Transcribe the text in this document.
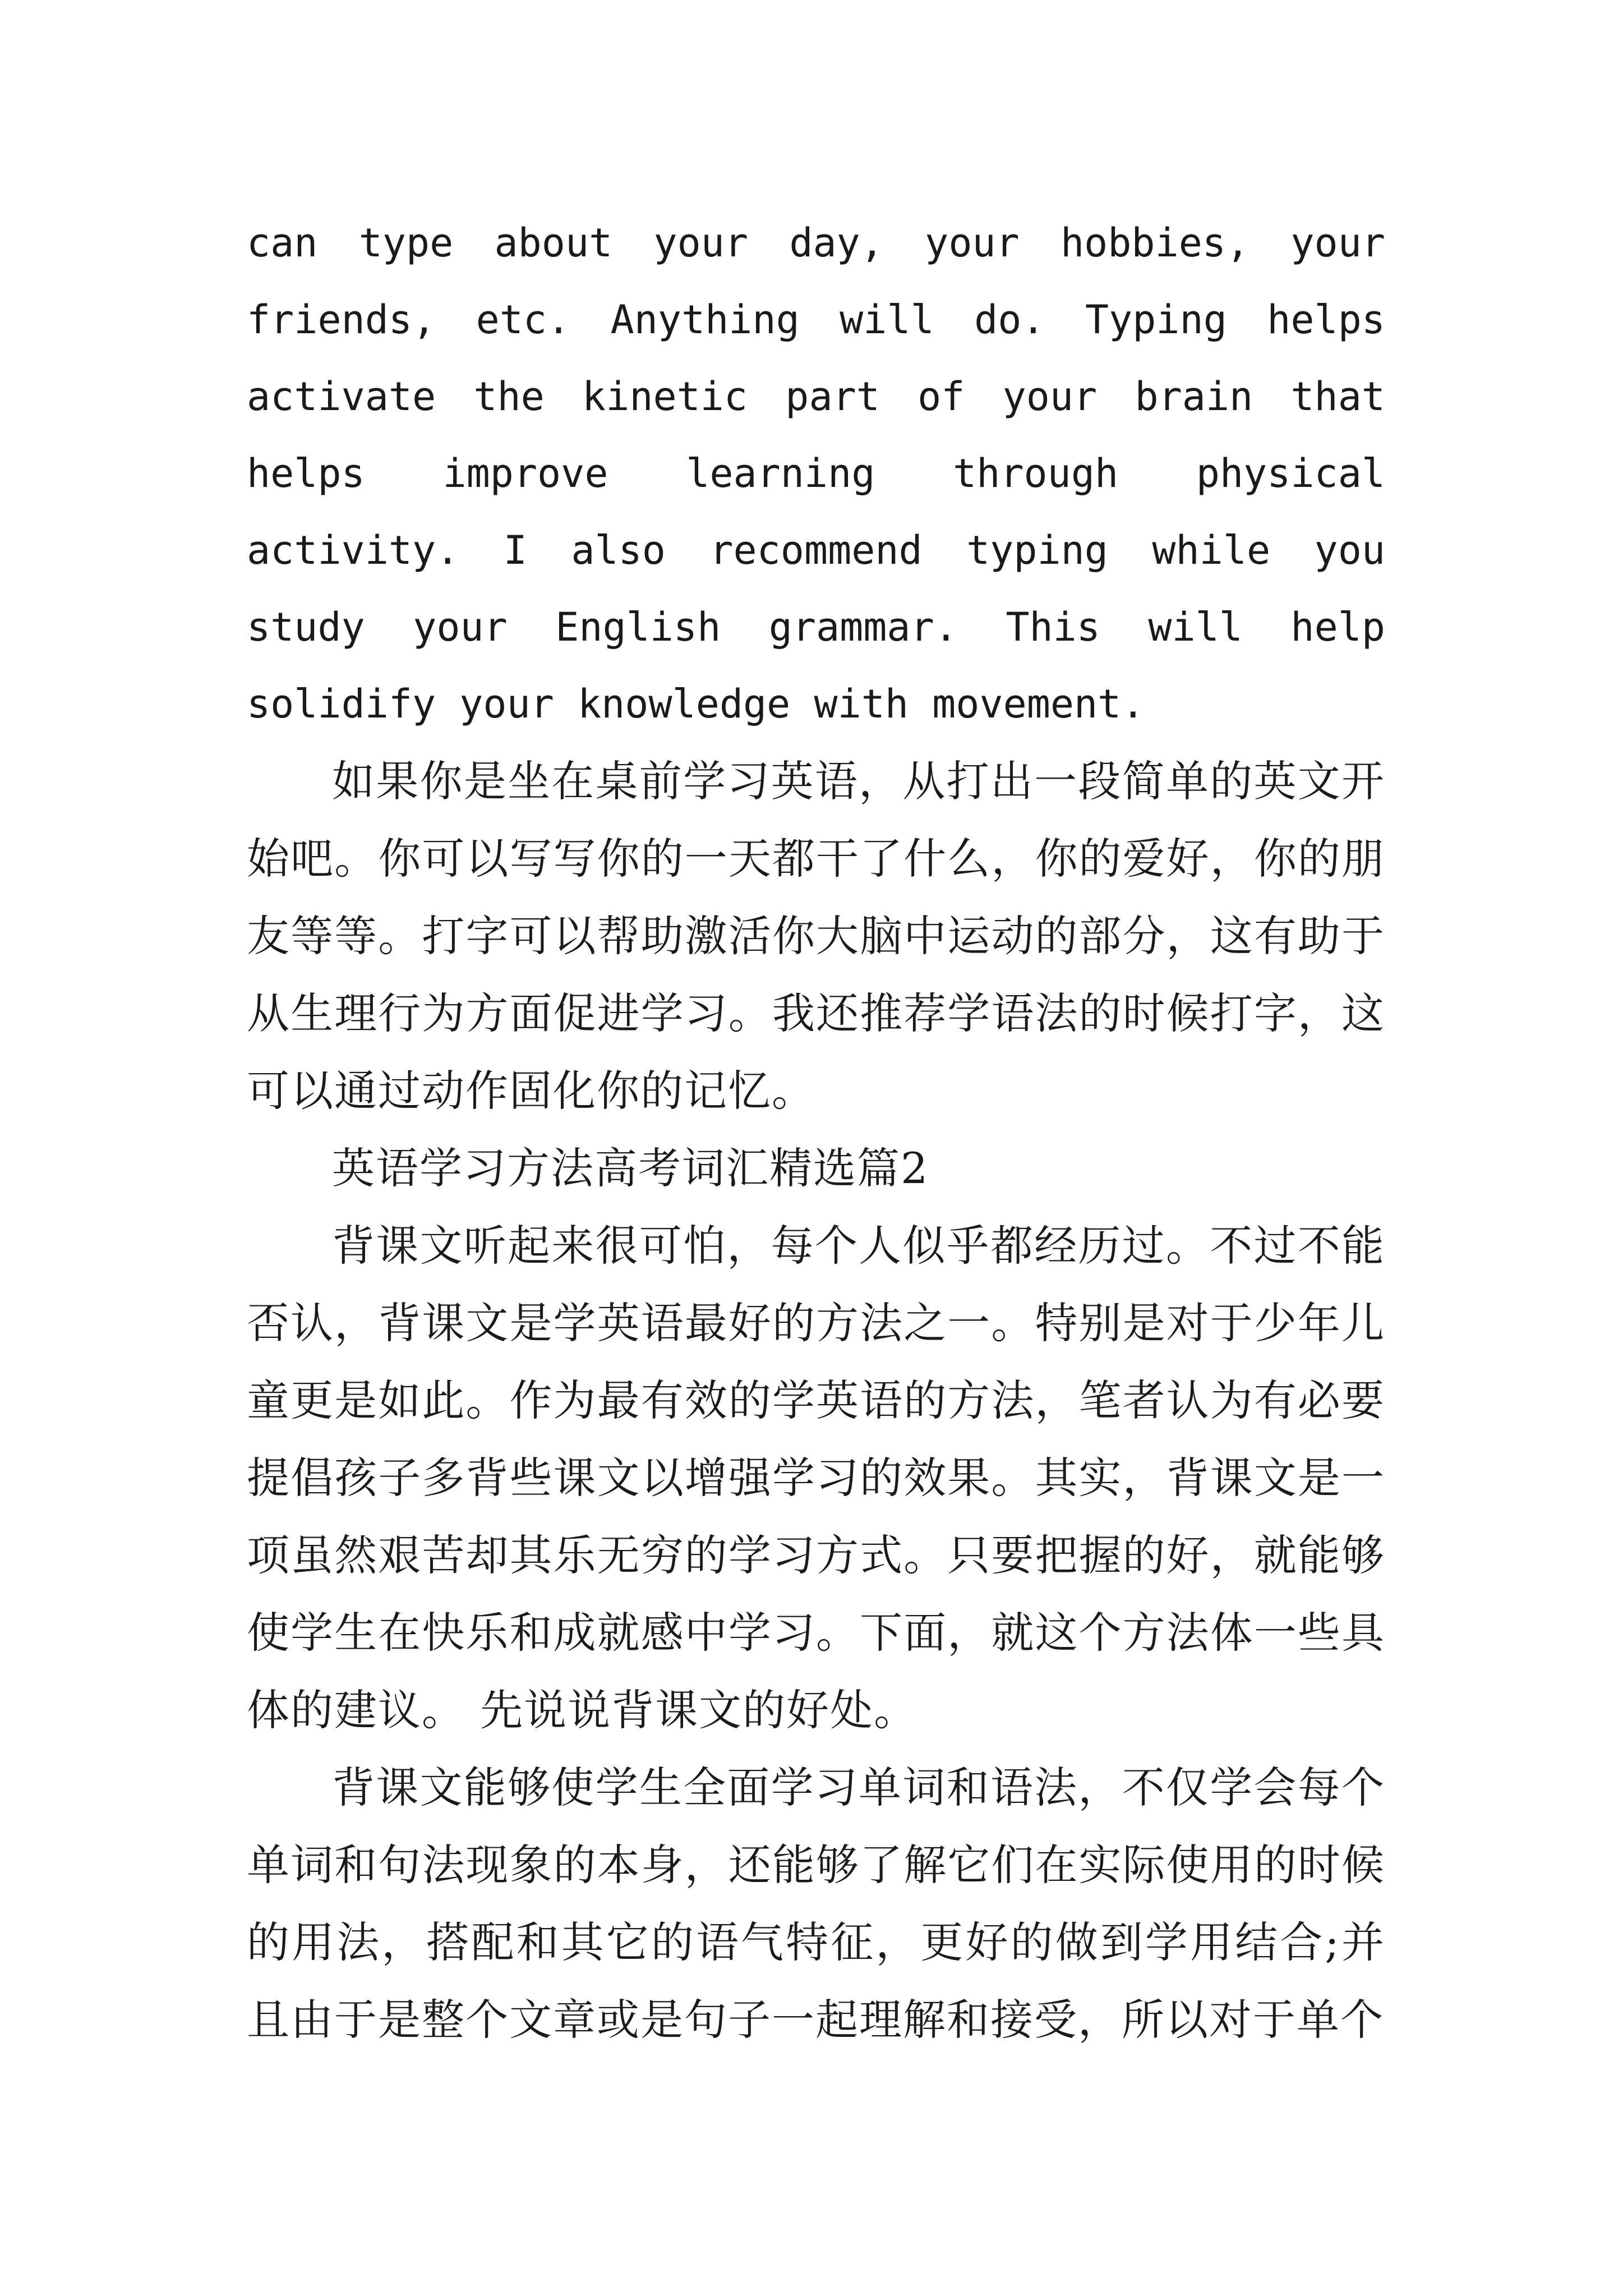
can type about your day, your hobbies, your friends, etc. Anything will do. Typing helps activate the kinetic part of your brain that helps improve learning through physical activity. I also recommend typing while you study your English grammar. This will help solidify your knowledge with movement.

如果你是坐在桌前学习英语，从打出一段简单的英文开始吧。你可以写写你的一天都干了什么，你的爱好，你的朋友等等。打字可以帮助激活你大脑中运动的部分，这有助于从生理行为方面促进学习。我还推荐学语法的时候打字，这可以通过动作固化你的记忆。

英语学习方法高考词汇精选篇2

背课文听起来很可怕，每个人似乎都经历过。不过不能否认，背课文是学英语最好的方法之一。特别是对于少年儿童更是如此。作为最有效的学英语的方法，笔者认为有必要提倡孩子多背些课文以增强学习的效果。其实，背课文是一项虽然艰苦却其乐无穷的学习方式。只要把握的好，就能够使学生在快乐和成就感中学习。下面，就这个方法体一些具体的建议。 先说说背课文的好处。

背课文能够使学生全面学习单词和语法，不仅学会每个单词和句法现象的本身，还能够了解它们在实际使用的时候的用法，搭配和其它的语气特征，更好的做到学用结合;并且由于是整个文章或是句子一起理解和接受，所以对于单个
